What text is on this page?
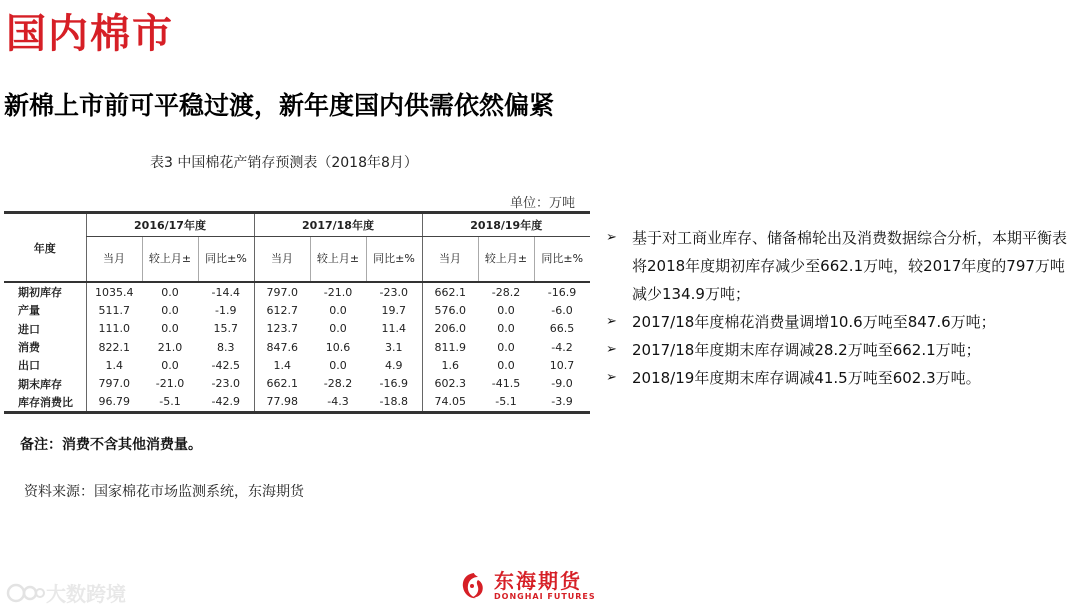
国内棉市
新棉上市前可平稳过渡，新年度国内供需依然偏紧
表3 中国棉花产销存预测表（2018年8月）
单位：万吨
年度	2016/17年度			2017/18年度			2018/19年度		
	当月	较上月±	同比±%	当月	较上月±	同比±%	当月	较上月±	同比±%
期初库存	1035.4	0.0	-14.4	797.0	-21.0	-23.0	662.1	-28.2	-16.9
产量	511.7	0.0	-1.9	612.7	0.0	19.7	576.0	0.0	-6.0
进口	111.0	0.0	15.7	123.7	0.0	11.4	206.0	0.0	66.5
消费	822.1	21.0	8.3	847.6	10.6	3.1	811.9	0.0	-4.2
出口	1.4	0.0	-42.5	1.4	0.0	4.9	1.6	0.0	10.7
期末库存	797.0	-21.0	-23.0	662.1	-28.2	-16.9	602.3	-41.5	-9.0
库存消费比	96.79	-5.1	-42.9	77.98	-4.3	-18.8	74.05	-5.1	-3.9
备注：消费不含其他消费量。
资料来源：国家棉花市场监测系统，东海期货
➢	基于对工商业库存、储备棉轮出及消费数据综合分析，本期平衡表将2018年度期初库存减少至662.1万吨，较2017年度的797万吨减少134.9万吨；
➢	2017/18年度棉花消费量调增10.6万吨至847.6万吨；
➢	2017/18年度期末库存调减28.2万吨至662.1万吨；
➢	2018/19年度期末库存调减41.5万吨至602.3万吨。
大数跨境
东海期货
DONGHAI FUTURES
